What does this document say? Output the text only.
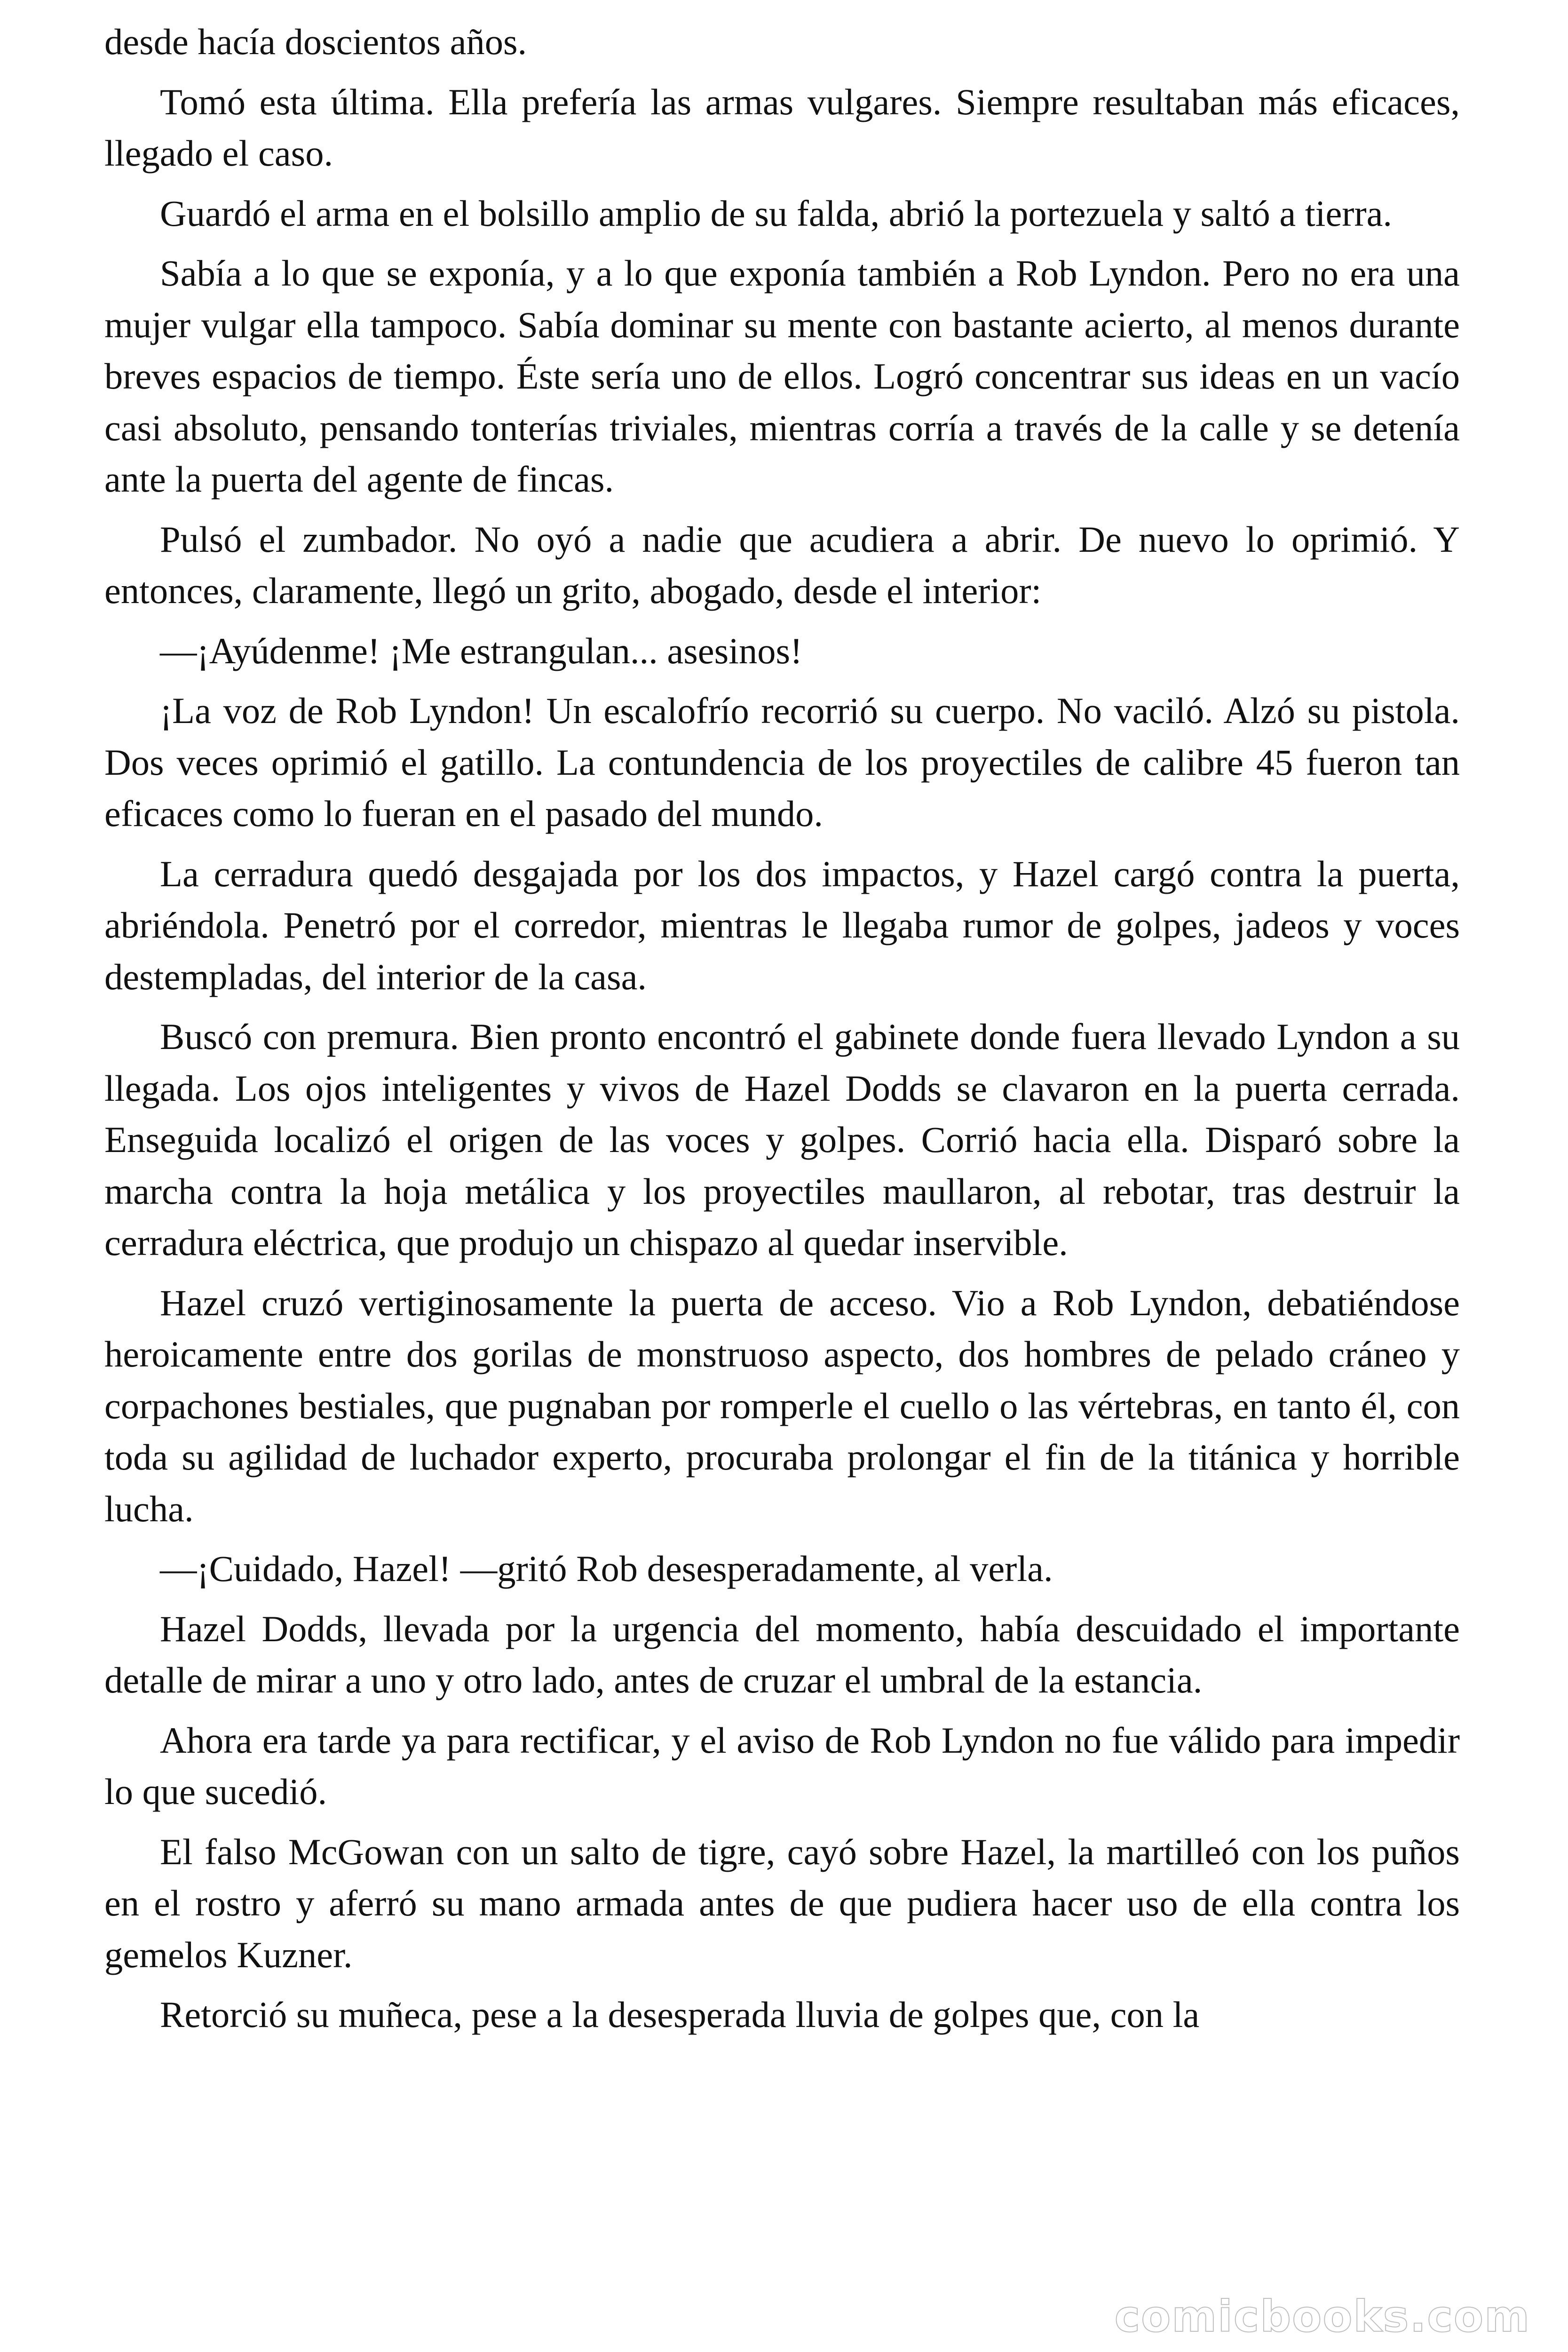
desde hacía doscientos años.

Tomó esta última. Ella prefería las armas vulgares. Siempre resultaban más eficaces, llegado el caso.

Guardó el arma en el bolsillo amplio de su falda, abrió la portezuela y saltó a tierra.

Sabía a lo que se exponía, y a lo que exponía también a Rob Lyndon. Pero no era una mujer vulgar ella tampoco. Sabía dominar su mente con bastante acierto, al menos durante breves espacios de tiempo. Éste sería uno de ellos. Logró concentrar sus ideas en un vacío casi absoluto, pensando tonterías triviales, mientras corría a través de la calle y se detenía ante la puerta del agente de fincas.

Pulsó el zumbador. No oyó a nadie que acudiera a abrir. De nuevo lo oprimió. Y entonces, claramente, llegó un grito, abogado, desde el interior:

—¡Ayúdenme! ¡Me estrangulan... asesinos!

¡La voz de Rob Lyndon! Un escalofrío recorrió su cuerpo. No vaciló. Alzó su pistola. Dos veces oprimió el gatillo. La contundencia de los proyectiles de calibre 45 fueron tan eficaces como lo fueran en el pasado del mundo.

La cerradura quedó desgajada por los dos impactos, y Hazel cargó contra la puerta, abriéndola. Penetró por el corredor, mientras le llegaba rumor de golpes, jadeos y voces destempladas, del interior de la casa.

Buscó con premura. Bien pronto encontró el gabinete donde fuera llevado Lyndon a su llegada. Los ojos inteligentes y vivos de Hazel Dodds se clavaron en la puerta cerrada. Enseguida localizó el origen de las voces y golpes. Corrió hacia ella. Disparó sobre la marcha contra la hoja metálica y los proyectiles maullaron, al rebotar, tras destruir la cerradura eléctrica, que produjo un chispazo al quedar inservible.

Hazel cruzó vertiginosamente la puerta de acceso. Vio a Rob Lyndon, debatiéndose heroicamente entre dos gorilas de monstruoso aspecto, dos hombres de pelado cráneo y corpachones bestiales, que pugnaban por romperle el cuello o las vértebras, en tanto él, con toda su agilidad de luchador experto, procuraba prolongar el fin de la titánica y horrible lucha.

—¡Cuidado, Hazel! —gritó Rob desesperadamente, al verla.

Hazel Dodds, llevada por la urgencia del momento, había descuidado el importante detalle de mirar a uno y otro lado, antes de cruzar el umbral de la estancia.

Ahora era tarde ya para rectificar, y el aviso de Rob Lyndon no fue válido para impedir lo que sucedió.

El falso McGowan con un salto de tigre, cayó sobre Hazel, la martilleó con los puños en el rostro y aferró su mano armada antes de que pudiera hacer uso de ella contra los gemelos Kuzner.

Retorció su muñeca, pese a la desesperada lluvia de golpes que, con la

comicbooks.com
